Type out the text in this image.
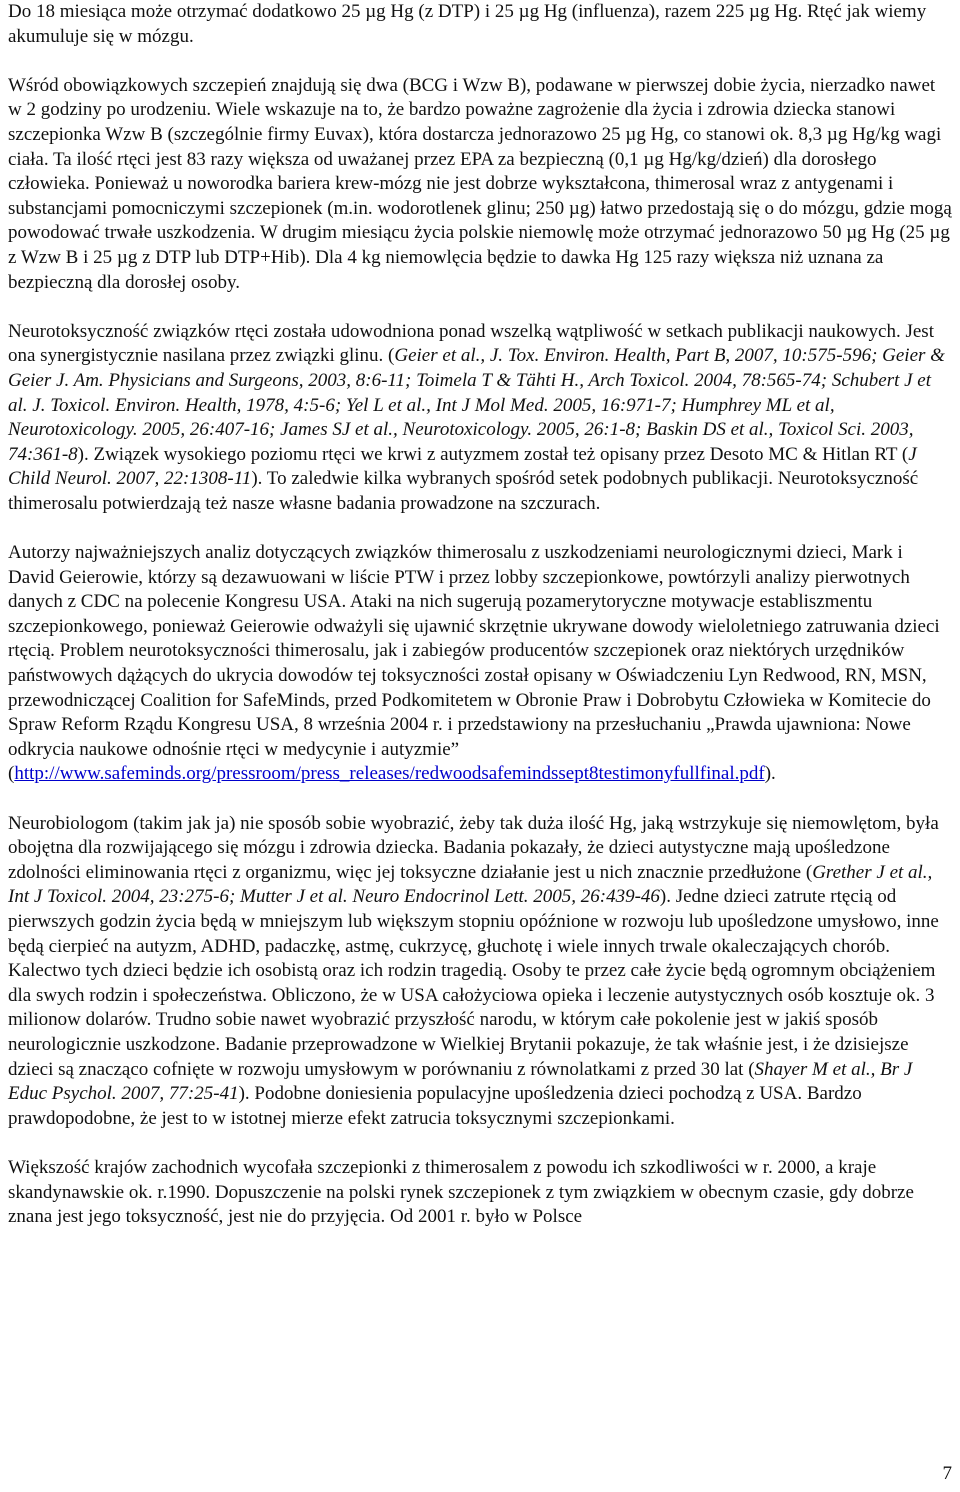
Do 18 miesiąca może otrzymać dodatkowo 25 µg Hg (z DTP) i 25 µg Hg (influenza), razem 225 µg Hg. Rtęć jak wiemy akumuluje się w mózgu.

Wśród obowiązkowych szczepień znajdują się dwa (BCG i Wzw B), podawane w pierwszej dobie życia, nierzadko nawet w 2 godziny po urodzeniu. Wiele wskazuje na to, że bardzo poważne zagrożenie dla życia i zdrowia dziecka stanowi szczepionka Wzw B (szczególnie firmy Euvax), która dostarcza jednorazowo 25 µg Hg, co stanowi ok. 8,3 µg Hg/kg wagi ciała. Ta ilość rtęci jest 83 razy większa od uważanej przez EPA za bezpieczną (0,1 µg Hg/kg/dzień) dla dorosłego człowieka. Ponieważ u noworodka bariera krew-mózg nie jest dobrze wykształcona, thimerosal wraz z antygenami i substancjami pomocniczymi szczepionek (m.in. wodorotlenek glinu; 250 µg) łatwo przedostają się o do mózgu, gdzie mogą powodować trwałe uszkodzenia. W drugim miesiącu życia polskie niemowlę może otrzymać jednorazowo 50 µg Hg (25 µg z Wzw B i 25 µg z DTP lub DTP+Hib). Dla 4 kg niemowlęcia będzie to dawka Hg 125 razy większa niż uznana za bezpieczną dla dorosłej osoby.

Neurotoksyczność związków rtęci została udowodniona ponad wszelką wątpliwość w setkach publikacji naukowych. Jest ona synergistycznie nasilana przez związki glinu. (Geier et al., J. Tox. Environ. Health, Part B, 2007, 10:575-596; Geier & Geier J. Am. Physicians and Surgeons, 2003, 8:6-11; Toimela T & Tähti H., Arch Toxicol. 2004, 78:565-74; Schubert J et al. J. Toxicol. Environ. Health, 1978, 4:5-6; Yel L et al., Int J Mol Med. 2005, 16:971-7; Humphrey ML et al, Neurotoxicology. 2005, 26:407-16; James SJ et al., Neurotoxicology. 2005, 26:1-8; Baskin DS et al., Toxicol Sci. 2003, 74:361-8). Związek wysokiego poziomu rtęci we krwi z autyzmem został też opisany przez Desoto MC & Hitlan RT (J Child Neurol. 2007, 22:1308-11). To zaledwie kilka wybranych spośród setek podobnych publikacji. Neurotoksyczność thimerosalu potwierdzają też nasze własne badania prowadzone na szczurach.

Autorzy najważniejszych analiz dotyczących związków thimerosalu z uszkodzeniami neurologicznymi dzieci, Mark i David Geierowie, którzy są dezawuowani w liście PTW i przez lobby szczepionkowe, powtórzyli analizy pierwotnych danych z CDC na polecenie Kongresu USA. Ataki na nich sugerują pozamerytoryczne motywacje establiszmentu szczepionkowego, ponieważ Geierowie odważyli się ujawnić skrzętnie ukrywane dowody wieloletniego zatruwania dzieci rtęcią. Problem neurotoksyczności thimerosalu, jak i zabiegów producentów szczepionek oraz niektórych urzędników państwowych dążących do ukrycia dowodów tej toksyczności został opisany w Oświadczeniu Lyn Redwood, RN, MSN, przewodniczącej Coalition for SafeMinds, przed Podkomitetem w Obronie Praw i Dobrobytu Człowieka w Komitecie do Spraw Reform Rządu Kongresu USA, 8 września 2004 r. i przedstawiony na przesłuchaniu „Prawda ujawniona: Nowe odkrycia naukowe odnośnie rtęci w medycynie i autyzmie” (http://www.safeminds.org/pressroom/press_releases/redwoodsafemindssept8testimonyfullfinal.pdf).

Neurobiologom (takim jak ja) nie sposób sobie wyobrazić, żeby tak duża ilość Hg, jaką wstrzykuje się niemowlętom, była obojętna dla rozwijającego się mózgu i zdrowia dziecka. Badania pokazały, że dzieci autystyczne mają upośledzone zdolności eliminowania rtęci z organizmu, więc jej toksyczne działanie jest u nich znacznie przedłużone (Grether J et al., Int J Toxicol. 2004, 23:275-6; Mutter J et al. Neuro Endocrinol Lett. 2005, 26:439-46). Jedne dzieci zatrute rtęcią od pierwszych godzin życia będą w mniejszym lub większym stopniu opóźnione w rozwoju lub upośledzone umysłowo, inne będą cierpieć na autyzm, ADHD, padaczkę, astmę, cukrzycę, głuchotę i wiele innych trwale okaleczających chorób. Kalectwo tych dzieci będzie ich osobistą oraz ich rodzin tragedią. Osoby te przez całe życie będą ogromnym obciążeniem dla swych rodzin i społeczeństwa. Obliczono, że w USA całożyciowa opieka i leczenie autystycznych osób kosztuje ok. 3 milionow dolarów. Trudno sobie nawet wyobrazić przyszłość narodu, w którym całe pokolenie jest w jakiś sposób neurologicznie uszkodzone. Badanie przeprowadzone w Wielkiej Brytanii pokazuje, że tak właśnie jest, i że dzisiejsze dzieci są znacząco cofnięte w rozwoju umysłowym w porównaniu z równolatkami z przed 30 lat (Shayer M et al., Br J Educ Psychol. 2007, 77:25-41). Podobne doniesienia populacyjne upośledzenia dzieci pochodzą z USA. Bardzo prawdopodobne, że jest to w istotnej mierze efekt zatrucia toksycznymi szczepionkami.

Większość krajów zachodnich wycofała szczepionki z thimerosalem z powodu ich szkodliwości w r. 2000, a kraje skandynawskie ok. r.1990. Dopuszczenie na polski rynek szczepionek z tym związkiem w obecnym czasie, gdy dobrze znana jest jego toksyczność, jest nie do przyjęcia. Od 2001 r. było w Polsce

7
